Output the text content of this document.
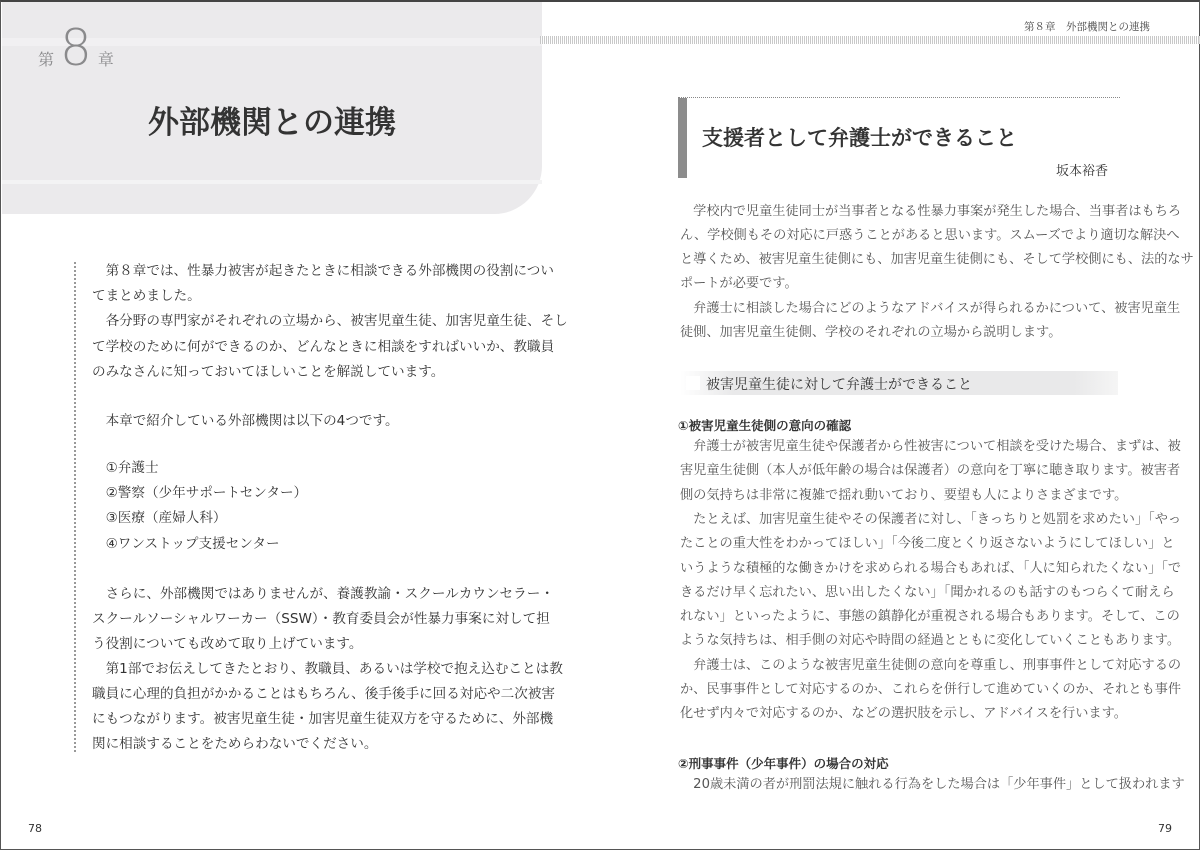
第 8 章
外部機関との連携
第８章　外部機関との連携
　第８章では、性暴力被害が起きたときに相談できる外部機関の役割につい
てまとめました。
　各分野の専門家がそれぞれの立場から、被害児童生徒、加害児童生徒、そし
て学校のために何ができるのか、どんなときに相談をすればいいか、教職員
のみなさんに知っておいてほしいことを解説しています。
　本章で紹介している外部機関は以下の4つです。
　①弁護士
　②警察（少年サポートセンター）
　③医療（産婦人科）
　④ワンストップ支援センター
　さらに、外部機関ではありませんが、養護教諭・スクールカウンセラー・
スクールソーシャルワーカー（SSW）・教育委員会が性暴力事案に対して担
う役割についても改めて取り上げています。
　第1部でお伝えしてきたとおり、教職員、あるいは学校で抱え込むことは教
職員に心理的負担がかかることはもちろん、後手後手に回る対応や二次被害
にもつながります。被害児童生徒・加害児童生徒双方を守るために、外部機
関に相談することをためらわないでください。
支援者として弁護士ができること
坂本裕香
被害児童生徒に対して弁護士ができること
①被害児童生徒側の意向の確認
②刑事事件（少年事件）の場合の対応
　学校内で児童生徒同士が当事者となる性暴力事案が発生した場合、当事者はもちろ
ん、学校側もその対応に戸惑うことがあると思います。スムーズでより適切な解決へ
と導くため、被害児童生徒側にも、加害児童生徒側にも、そして学校側にも、法的なサ
ポートが必要です。
　弁護士に相談した場合にどのようなアドバイスが得られるかについて、被害児童生
徒側、加害児童生徒側、学校のそれぞれの立場から説明します。
　弁護士が被害児童生徒や保護者から性被害について相談を受けた場合、まずは、被
害児童生徒側（本人が低年齢の場合は保護者）の意向を丁寧に聴き取ります。被害者
側の気持ちは非常に複雑で揺れ動いており、要望も人によりさまざまです。
　たとえば、加害児童生徒やその保護者に対し、「きっちりと処罰を求めたい」「やっ
たことの重大性をわかってほしい」「今後二度とくり返さないようにしてほしい」と
いうような積極的な働きかけを求められる場合もあれば、「人に知られたくない」「で
きるだけ早く忘れたい、思い出したくない」「聞かれるのも話すのもつらくて耐えら
れない」といったように、事態の鎮静化が重視される場合もあります。そして、この
ような気持ちは、相手側の対応や時間の経過とともに変化していくこともあります。
　弁護士は、このような被害児童生徒側の意向を尊重し、刑事事件として対応するの
か、民事事件として対応するのか、これらを併行して進めていくのか、それとも事件
化せず内々で対応するのか、などの選択肢を示し、アドバイスを行います。
　20歳未満の者が刑罰法規に触れる行為をした場合は「少年事件」として扱われます
78	79
